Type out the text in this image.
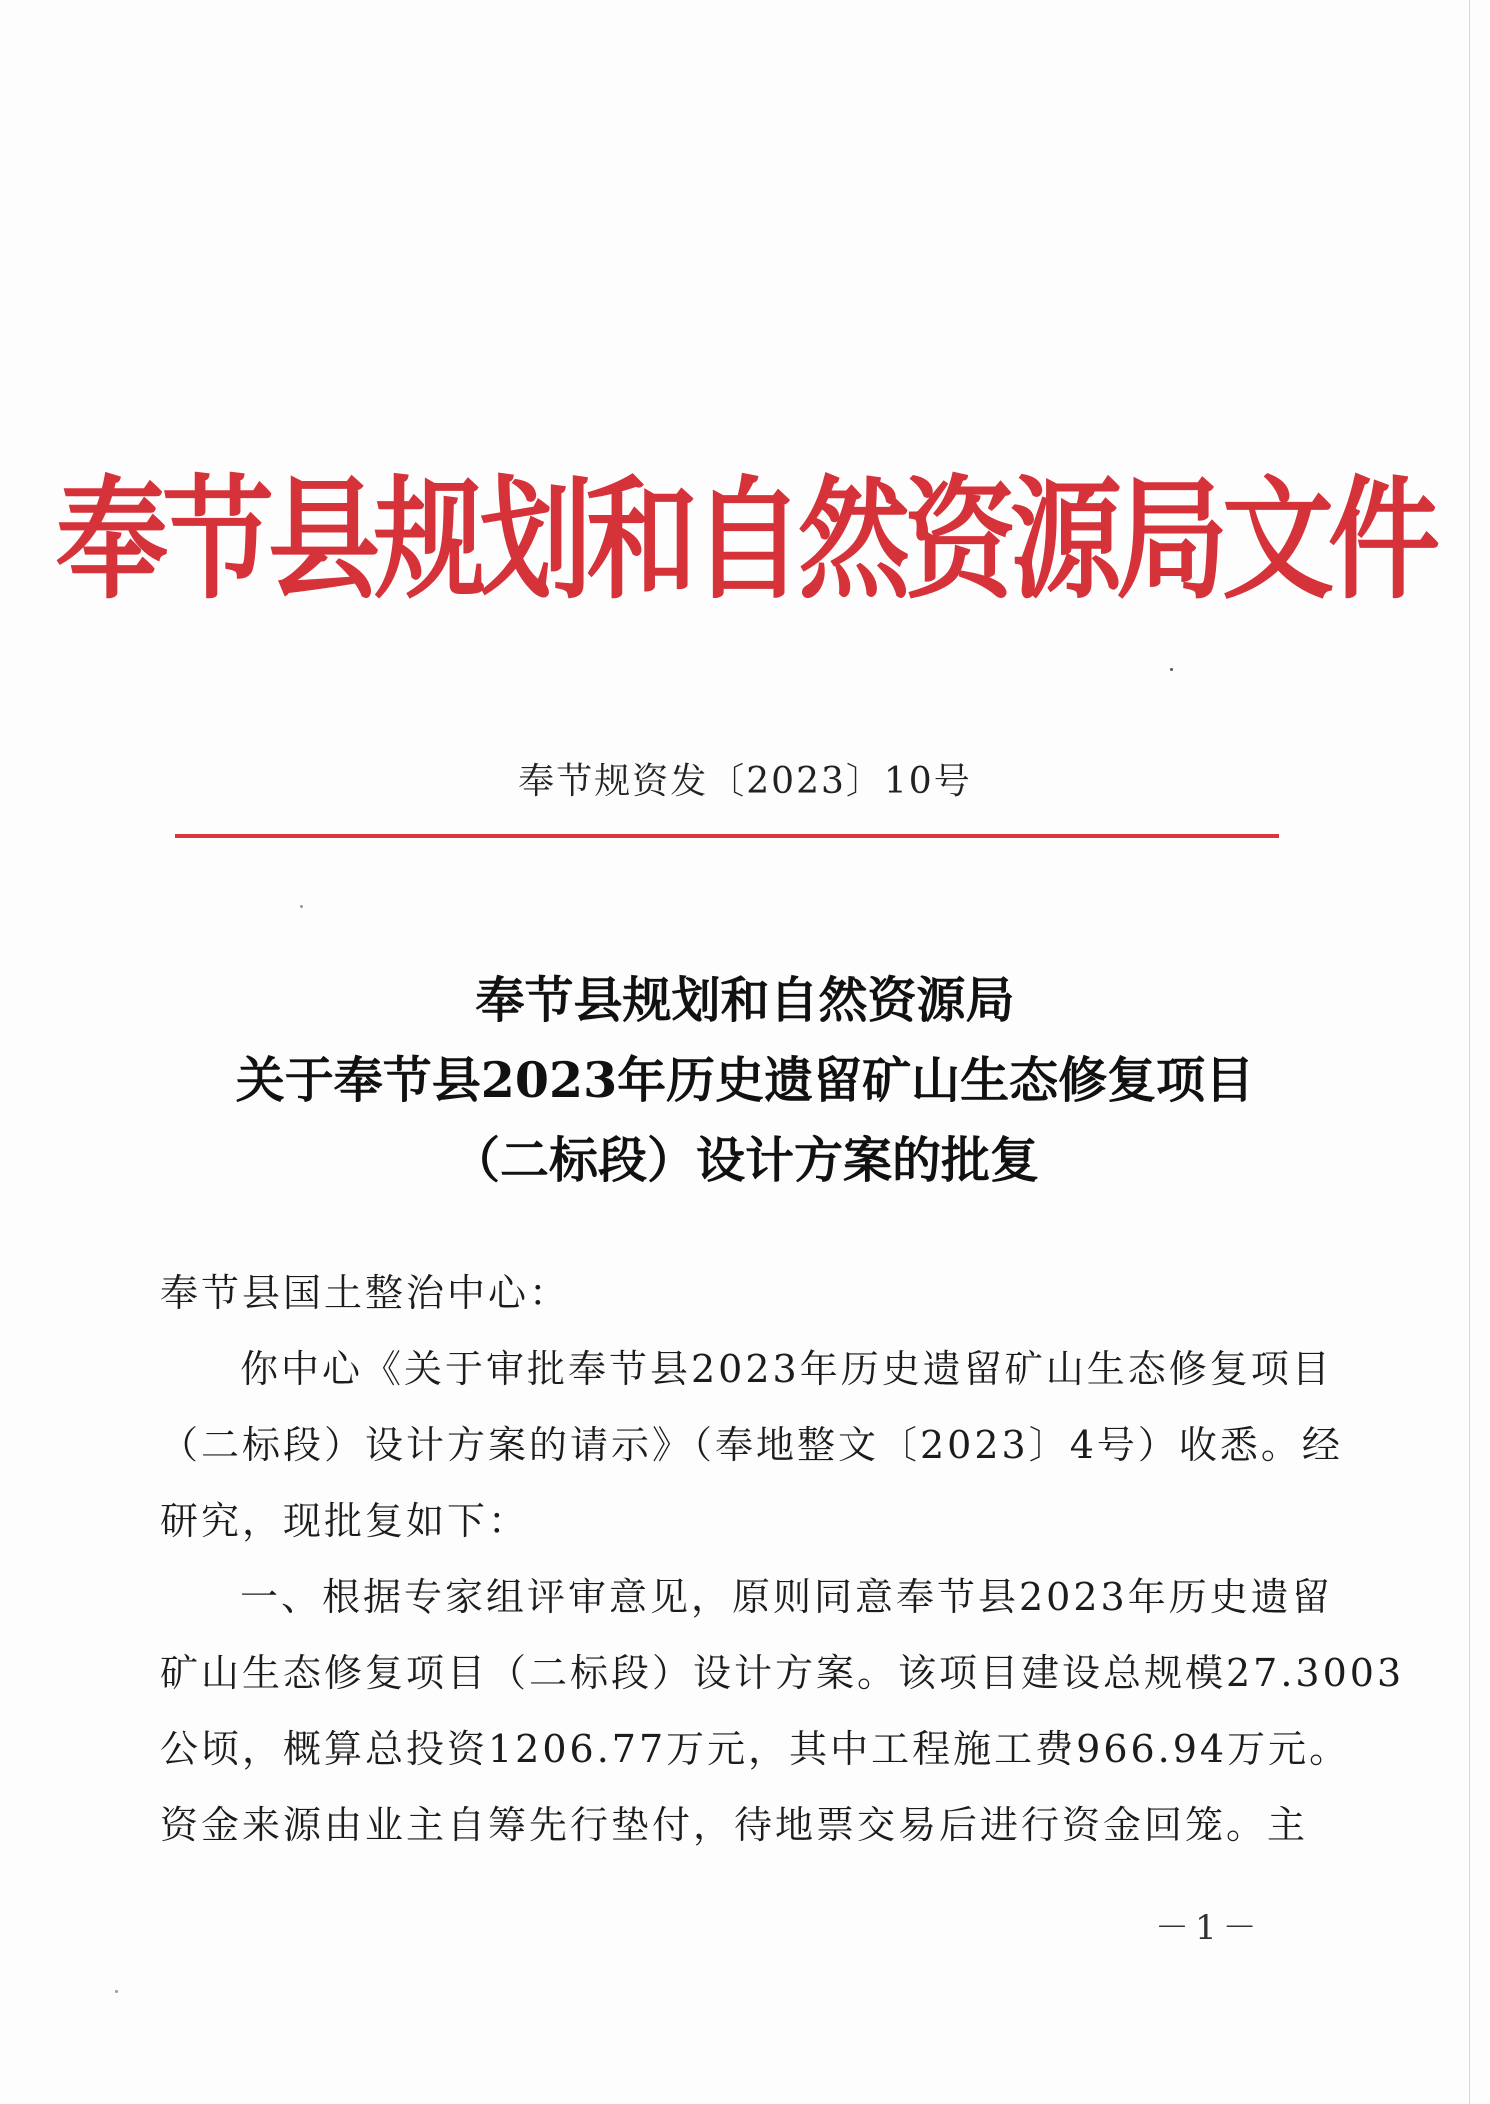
奉节县规划和自然资源局文件
奉节规资发〔2023〕10号
奉节县规划和自然资源局
关于奉节县2023年历史遗留矿山生态修复项目
（二标段）设计方案的批复
奉节县国土整治中心：
你中心《关于审批奉节县2023年历史遗留矿山生态修复项目
（二标段）设计方案的请示》（奉地整文〔2023〕4号）收悉。经
研究，现批复如下：
一、根据专家组评审意见，原则同意奉节县2023年历史遗留
矿山生态修复项目（二标段）设计方案。该项目建设总规模27.3003
公顷，概算总投资1206.77万元，其中工程施工费966.94万元。
资金来源由业主自筹先行垫付，待地票交易后进行资金回笼。主
－1－
